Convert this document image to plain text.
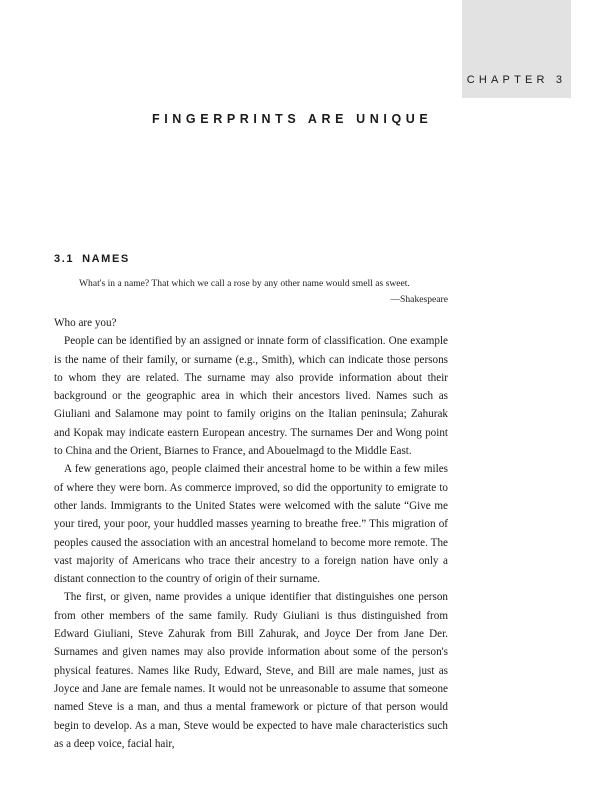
CHAPTER 3
FINGERPRINTS ARE UNIQUE
3.1 NAMES
What's in a name? That which we call a rose by any other name would smell as sweet.
—Shakespeare

Who are you?

People can be identified by an assigned or innate form of classification. One example is the name of their family, or surname (e.g., Smith), which can indicate those persons to whom they are related. The surname may also provide information about their background or the geographic area in which their ancestors lived. Names such as Giuliani and Salamone may point to family origins on the Italian peninsula; Zahurak and Kopak may indicate eastern European ancestry. The surnames Der and Wong point to China and the Orient, Biarnes to France, and Abouelmagd to the Middle East.

A few generations ago, people claimed their ancestral home to be within a few miles of where they were born. As commerce improved, so did the opportunity to emigrate to other lands. Immigrants to the United States were welcomed with the salute “Give me your tired, your poor, your huddled masses yearning to breathe free.” This migration of peoples caused the association with an ancestral homeland to become more remote. The vast majority of Americans who trace their ancestry to a foreign nation have only a distant connection to the country of origin of their surname.

The first, or given, name provides a unique identifier that distinguishes one person from other members of the same family. Rudy Giuliani is thus distinguished from Edward Giuliani, Steve Zahurak from Bill Zahurak, and Joyce Der from Jane Der. Surnames and given names may also provide information about some of the person's physical features. Names like Rudy, Edward, Steve, and Bill are male names, just as Joyce and Jane are female names. It would not be unreasonable to assume that someone named Steve is a man, and thus a mental framework or picture of that person would begin to develop. As a man, Steve would be expected to have male characteristics such as a deep voice, facial hair,
